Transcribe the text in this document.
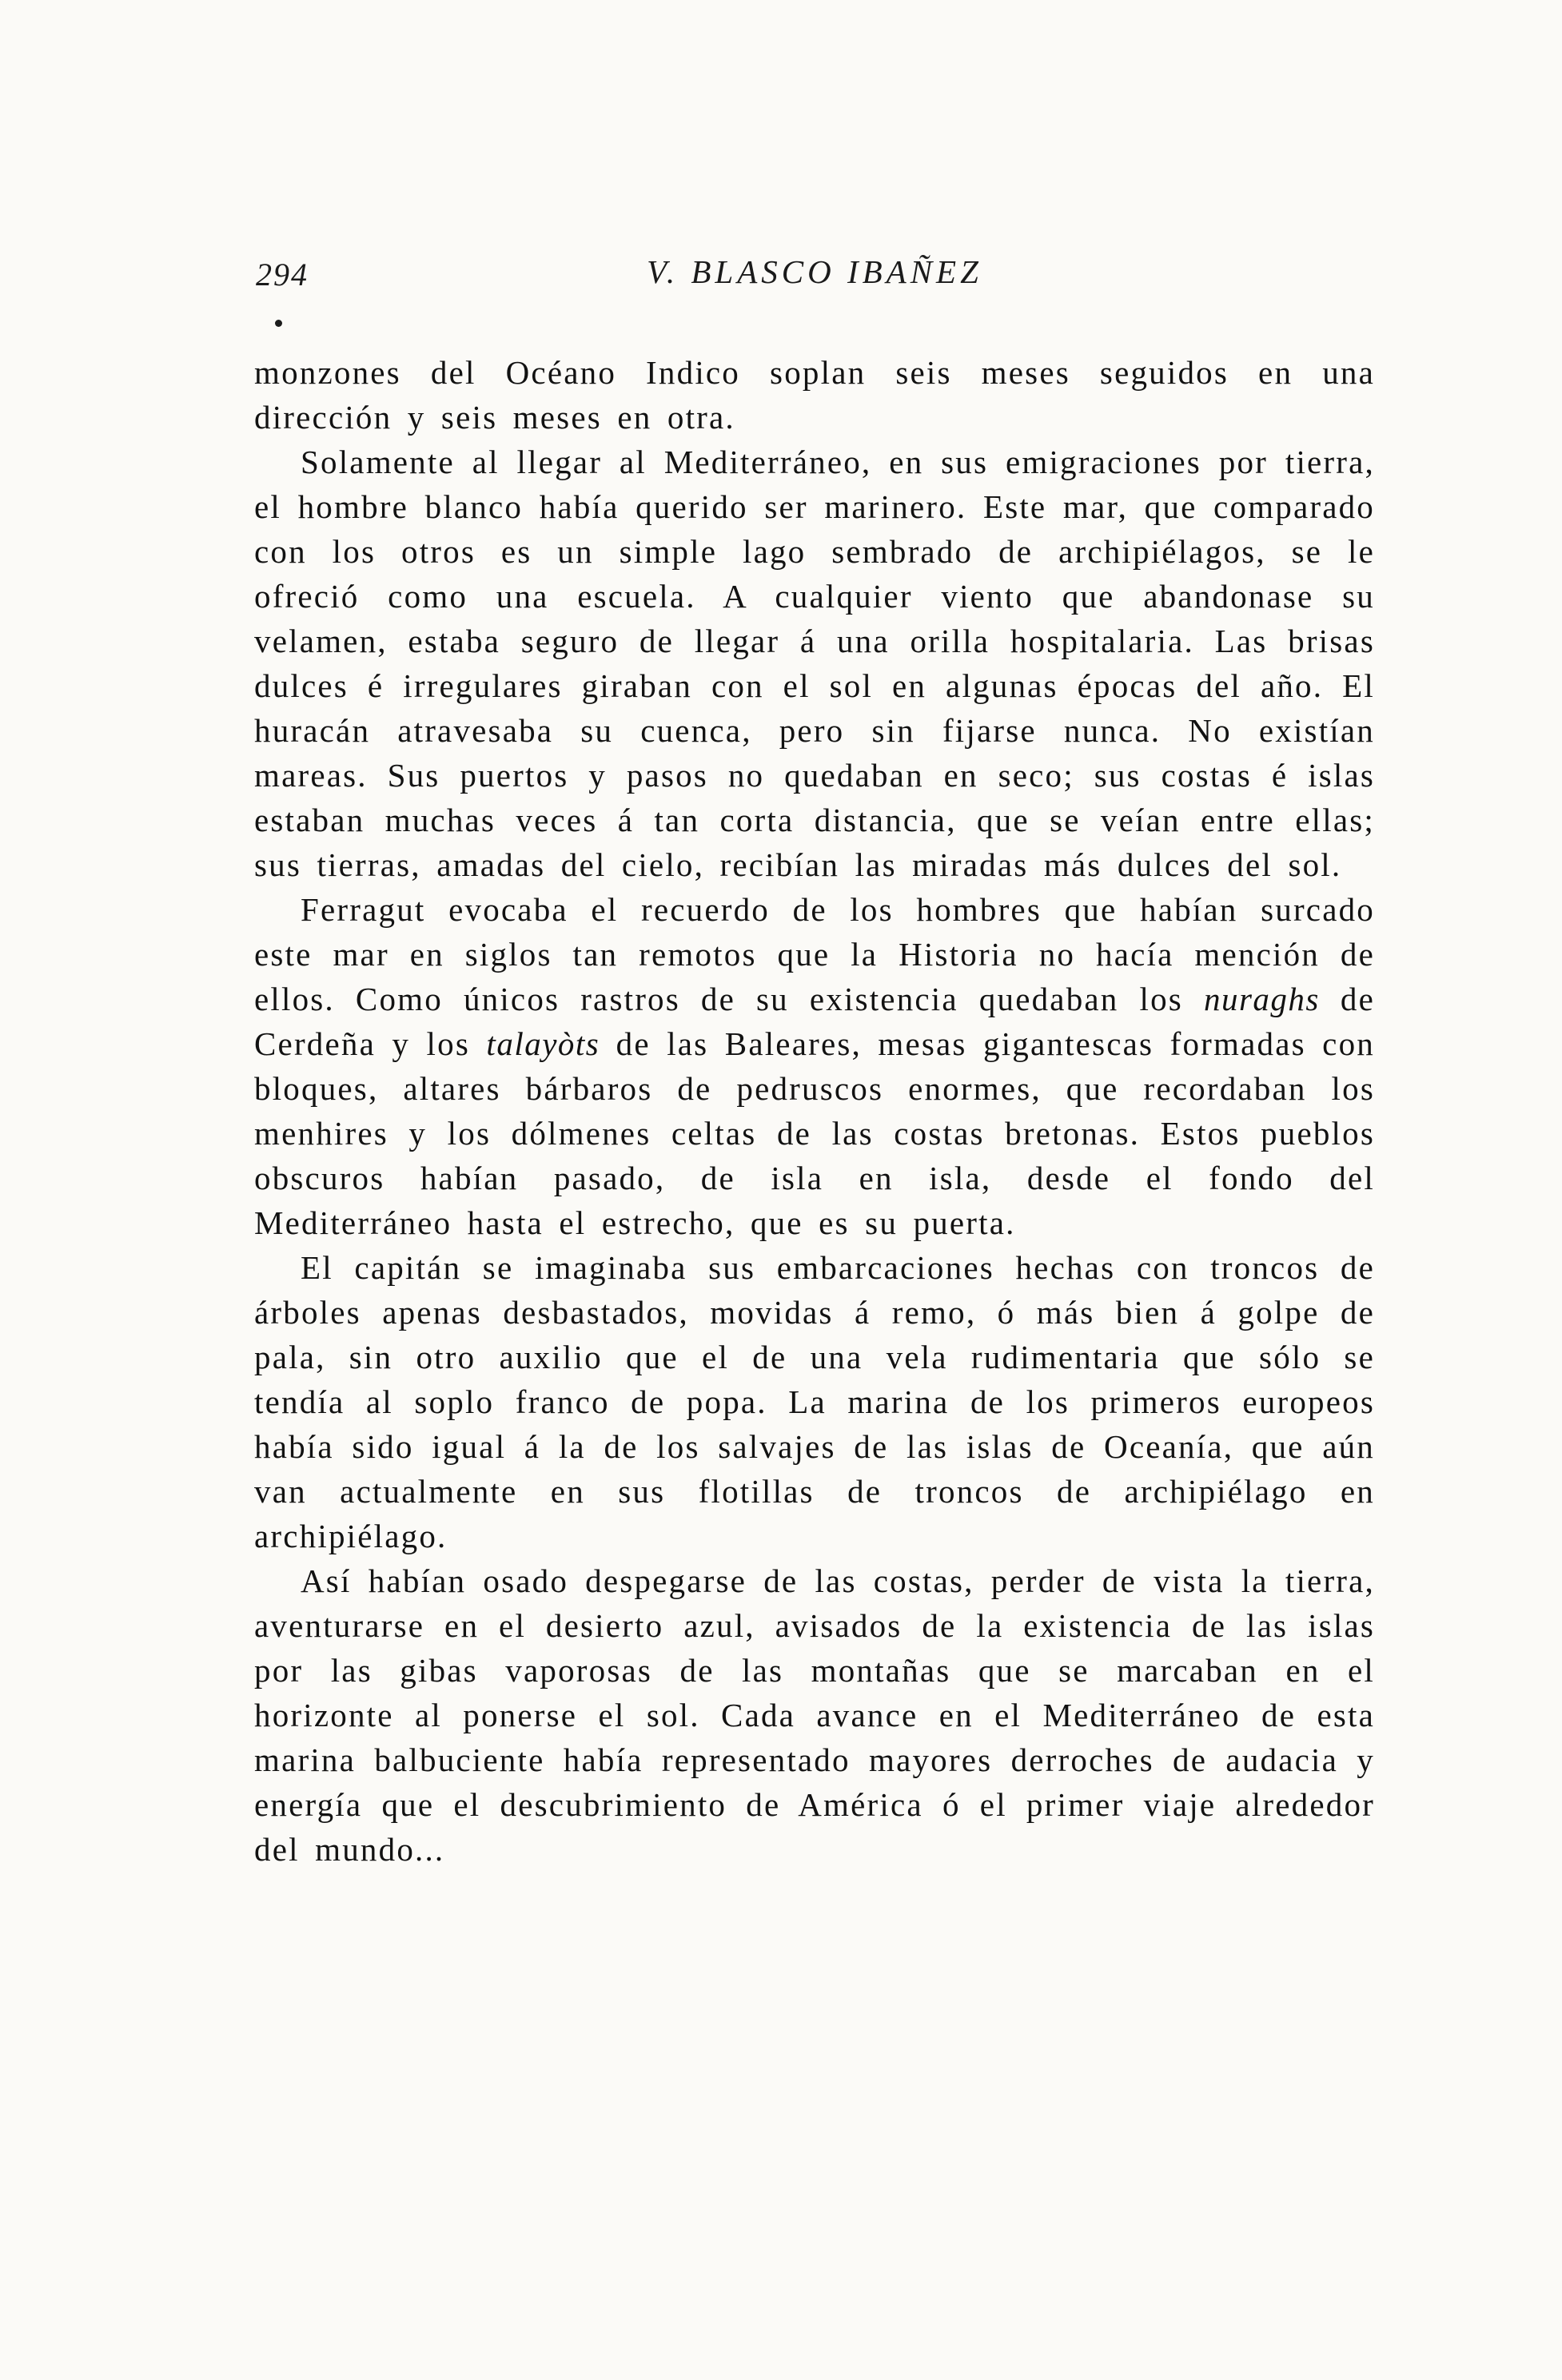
294	V. BLASCO IBAÑEZ

monzones del Océano Indico soplan seis meses seguidos en una dirección y seis meses en otra.

Solamente al llegar al Mediterráneo, en sus emigraciones por tierra, el hombre blanco había querido ser marinero. Este mar, que comparado con los otros es un simple lago sembrado de archipiélagos, se le ofreció como una escuela. A cualquier viento que abandonase su velamen, estaba seguro de llegar á una orilla hospitalaria. Las brisas dulces é irregulares giraban con el sol en algunas épocas del año. El huracán atravesaba su cuenca, pero sin fijarse nunca. No existían mareas. Sus puertos y pasos no quedaban en seco; sus costas é islas estaban muchas veces á tan corta distancia, que se veían entre ellas; sus tierras, amadas del cielo, recibían las miradas más dulces del sol.

Ferragut evocaba el recuerdo de los hombres que habían surcado este mar en siglos tan remotos que la Historia no hacía mención de ellos. Como únicos rastros de su existencia quedaban los nuraghs de Cerdeña y los talayòts de las Baleares, mesas gigantescas formadas con bloques, altares bárbaros de pedruscos enormes, que recordaban los menhires y los dólmenes celtas de las costas bretonas. Estos pueblos obscuros habían pasado, de isla en isla, desde el fondo del Mediterráneo hasta el estrecho, que es su puerta.

El capitán se imaginaba sus embarcaciones hechas con troncos de árboles apenas desbastados, movidas á remo, ó más bien á golpe de pala, sin otro auxilio que el de una vela rudimentaria que sólo se tendía al soplo franco de popa. La marina de los primeros europeos había sido igual á la de los salvajes de las islas de Oceanía, que aún van actualmente en sus flotillas de troncos de archipiélago en archipiélago.

Así habían osado despegarse de las costas, perder de vista la tierra, aventurarse en el desierto azul, avisados de la existencia de las islas por las gibas vaporosas de las montañas que se marcaban en el horizonte al ponerse el sol. Cada avance en el Mediterráneo de esta marina balbuciente había representado mayores derroches de audacia y energía que el descubrimiento de América ó el primer viaje alrededor del mundo...
